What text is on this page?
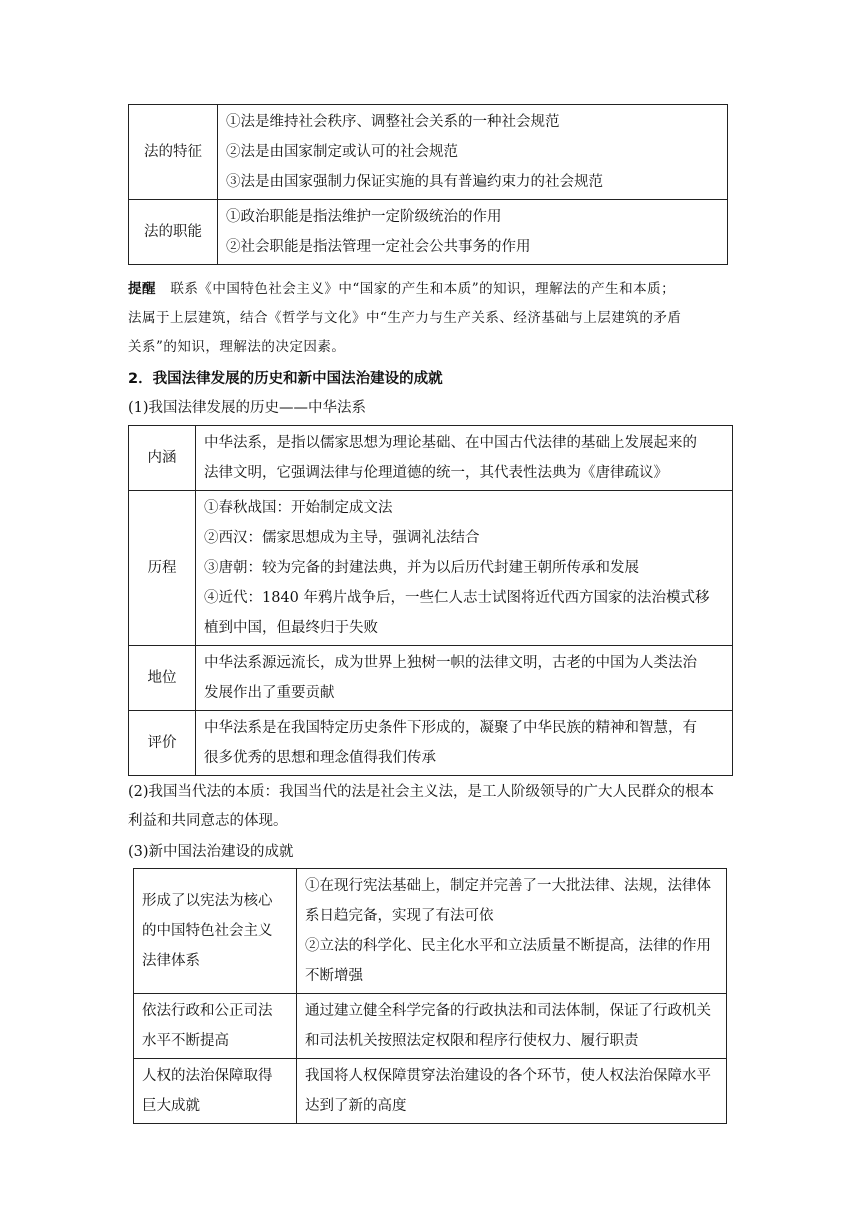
法的特征	①法是维持社会秩序、调整社会关系的一种社会规范
②法是由国家制定或认可的社会规范
③法是由国家强制力保证实施的具有普遍约束力的社会规范

法的职能	①政治职能是指法维护一定阶级统治的作用
②社会职能是指法管理一定社会公共事务的作用
提醒 联系《中国特色社会主义》中“国家的产生和本质”的知识，理解法的产生和本质；
法属于上层建筑，结合《哲学与文化》中“生产力与生产关系、经济基础与上层建筑的矛盾
关系”的知识，理解法的决定因素。
2．我国法律发展的历史和新中国法治建设的成就
(1)我国法律发展的历史——中华法系
内涵	中华法系，是指以儒家思想为理论基础、在中国古代法律的基础上发展起来的
法律文明，它强调法律与伦理道德的统一，其代表性法典为《唐律疏议》

历程	①春秋战国：开始制定成文法
②西汉：儒家思想成为主导，强调礼法结合
③唐朝：较为完备的封建法典，并为以后历代封建王朝所传承和发展
④近代：1840 年鸦片战争后，一些仁人志士试图将近代西方国家的法治模式移
植到中国，但最终归于失败

地位	中华法系源远流长，成为世界上独树一帜的法律文明，古老的中国为人类法治
发展作出了重要贡献

评价	中华法系是在我国特定历史条件下形成的，凝聚了中华民族的精神和智慧，有
很多优秀的思想和理念值得我们传承
(2)我国当代法的本质：我国当代的法是社会主义法，是工人阶级领导的广大人民群众的根本
利益和共同意志的体现。
(3)新中国法治建设的成就
形成了以宪法为核心
的中国特色社会主义
法律体系	①在现行宪法基础上，制定并完善了一大批法律、法规，法律体
系日趋完备，实现了有法可依
②立法的科学化、民主化水平和立法质量不断提高，法律的作用
不断增强

依法行政和公正司法
水平不断提高	通过建立健全科学完备的行政执法和司法体制，保证了行政机关
和司法机关按照法定权限和程序行使权力、履行职责

人权的法治保障取得
巨大成就	我国将人权保障贯穿法治建设的各个环节，使人权法治保障水平
达到了新的高度
